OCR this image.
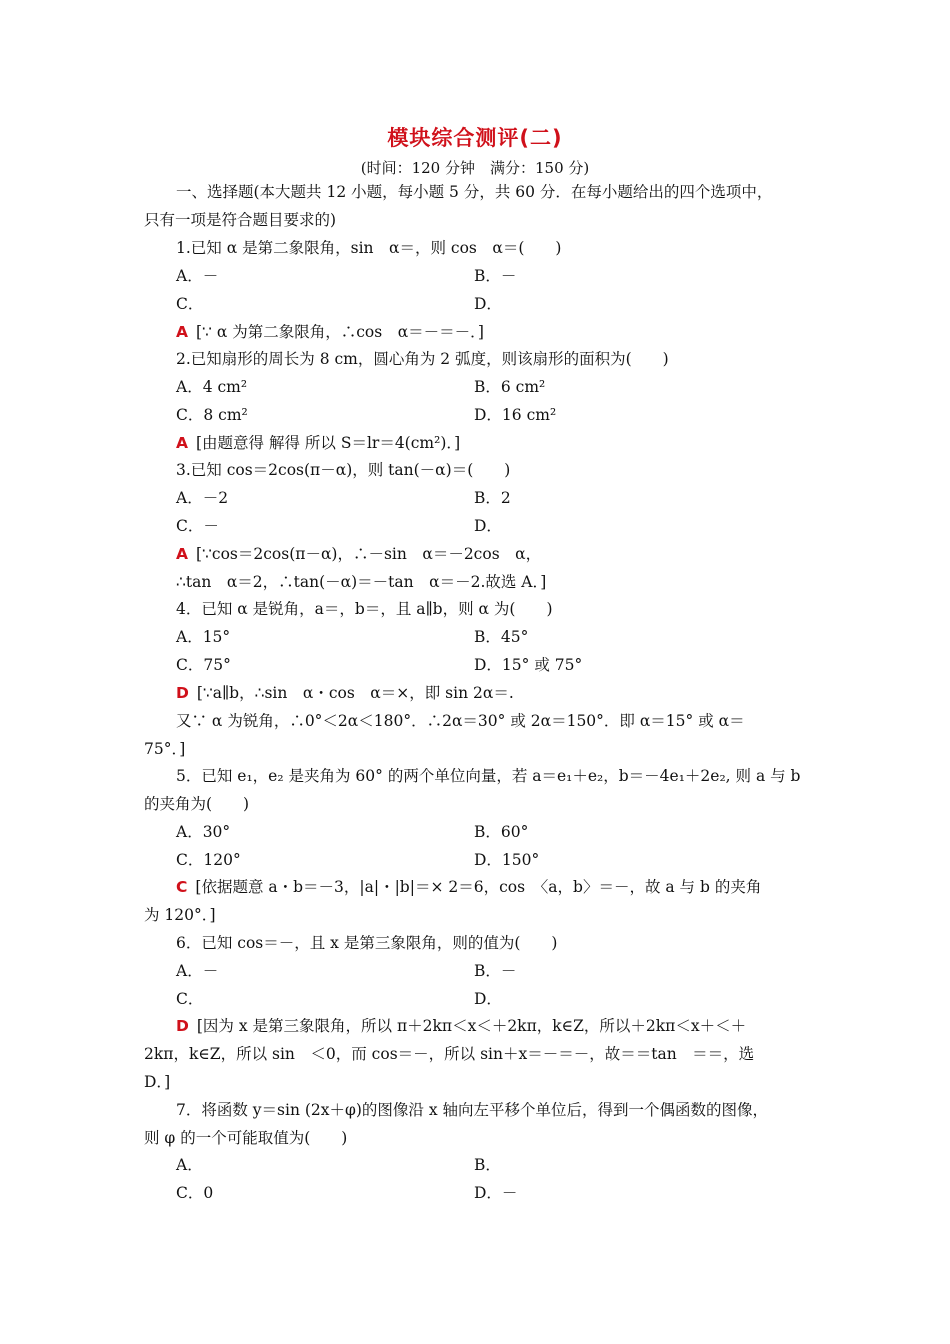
模块综合测评(二)
(时间：120 分钟　满分：150 分)
一、选择题(本大题共 12 小题，每小题 5 分，共 60 分．在每小题给出的四个选项中，
只有一项是符合题目要求的)
1.已知 α 是第二象限角，sin　α＝，则 cos　α＝(　　)
A．－	B．－
C．	D．
A [∵ α 为第二象限角，∴cos　α＝－＝－．]
2.已知扇形的周长为 8 cm，圆心角为 2 弧度，则该扇形的面积为(　　)
A．4 cm²	B．6 cm²
C．8 cm²	D．16 cm²
A [由题意得 解得 所以 S＝lr＝4(cm²)．]
3.已知 cos＝2cos(π－α)，则 tan(－α)＝(　　)
A．－2	B．2
C．－	D．
A [∵cos＝2cos(π－α)，∴－sin　α＝－2cos　α，
∴tan　α＝2，∴tan(－α)＝－tan　α＝－2.故选 A．]
4．已知 α 是锐角，a＝，b＝，且 a∥b，则 α 为(　　)
A．15°	B．45°
C．75°	D．15° 或 75°
D [∵a∥b，∴sin　α・cos　α＝×，即 sin 2α＝.
又∵ α 为锐角，∴0°＜2α＜180°．∴2α＝30° 或 2α＝150°．即 α＝15° 或 α＝
75°．]
5．已知 e₁，e₂ 是夹角为 60° 的两个单位向量，若 a＝e₁＋e₂，b＝－4e₁＋2e₂, 则 a 与 b
的夹角为(　　)
A．30°	B．60°
C．120°	D．150°
C [依据题意 a・b＝－3，|a|・|b|＝× 2＝6，cos　〈a，b〉＝－，故 a 与 b 的夹角
为 120°．]
6．已知 cos＝－，且 x 是第三象限角，则的值为(　　)
A．－	B．－
C．	D．
D [因为 x 是第三象限角，所以 π＋2kπ＜x＜＋2kπ，k∈Z，所以＋2kπ＜x＋＜＋
2kπ，k∈Z，所以 sin　＜0，而 cos＝－，所以 sin＋x＝－＝－，故＝＝tan　＝＝，选
D．]
7．将函数 y＝sin (2x＋φ)的图像沿 x 轴向左平移个单位后，得到一个偶函数的图像，
则 φ 的一个可能取值为(　　)
A．	B．
C．0	D．－
